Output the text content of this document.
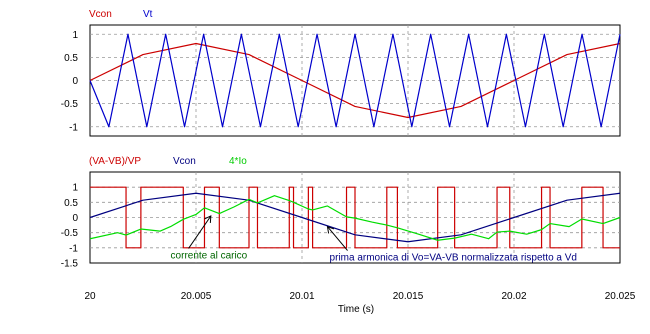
Vcon	Vt
(VA-VB)/VP	Vcon	4*Io
1
0.5
0
-0.5
-1
1
0.5
0
-0.5
-1
-1.5
20	20.005	20.01	20.015	20.02	20.025
corrente al carico	prima armonica di Vo=VA-VB normalizzata rispetto a Vd
Time (s)
